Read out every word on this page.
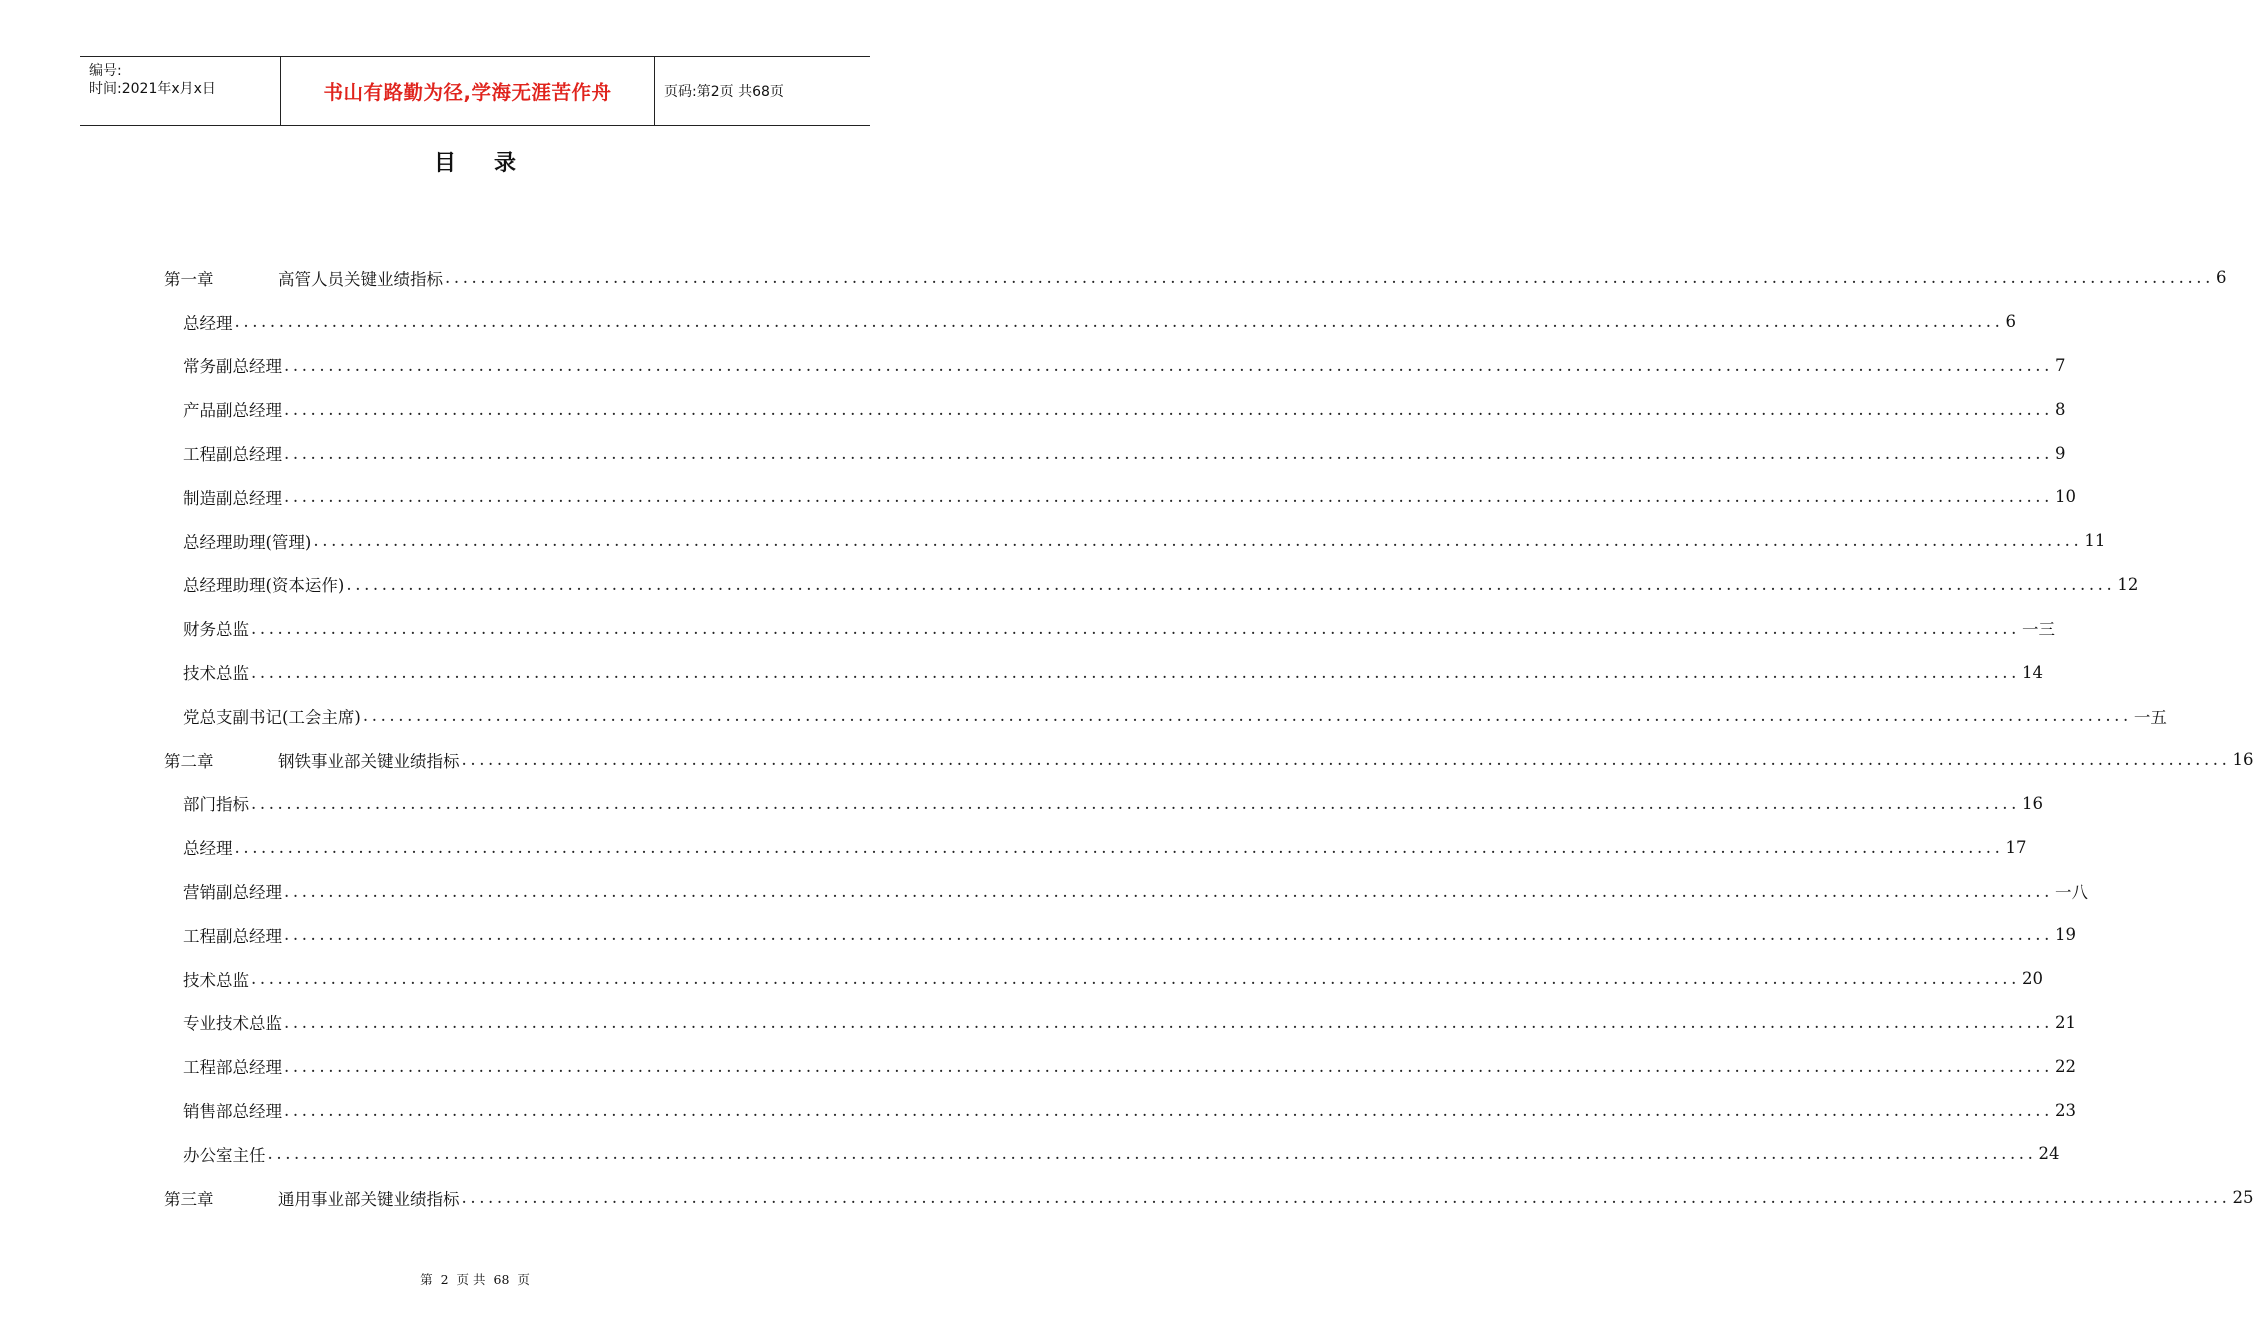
编号:
时间:2021年x月x日	书山有路勤为径,学海无涯苦作舟	页码:第2页 共68页
目录
第一章	高管人员关键业绩指标 ........................................................................................................................................................................................................ 6
总经理 ........................................................................................................................................................................................................ 6
常务副总经理 ........................................................................................................................................................................................................ 7
产品副总经理 ........................................................................................................................................................................................................ 8
工程副总经理 ........................................................................................................................................................................................................ 9
制造副总经理 ........................................................................................................................................................................................................ 10
总经理助理(管理) ........................................................................................................................................................................................................ 11
总经理助理(资本运作) ........................................................................................................................................................................................................ 12
财务总监 ........................................................................................................................................................................................................ 一三
技术总监 ........................................................................................................................................................................................................ 14
党总支副书记(工会主席) ........................................................................................................................................................................................................ 一五
第二章	钢铁事业部关键业绩指标 ........................................................................................................................................................................................................ 16
部门指标 ........................................................................................................................................................................................................ 16
总经理 ........................................................................................................................................................................................................ 17
营销副总经理 ........................................................................................................................................................................................................ 一八
工程副总经理 ........................................................................................................................................................................................................ 19
技术总监 ........................................................................................................................................................................................................ 20
专业技术总监 ........................................................................................................................................................................................................ 21
工程部总经理 ........................................................................................................................................................................................................ 22
销售部总经理 ........................................................................................................................................................................................................ 23
办公室主任 ........................................................................................................................................................................................................ 24
第三章	通用事业部关键业绩指标 ........................................................................................................................................................................................................ 25
第 2 页 共 68 页
